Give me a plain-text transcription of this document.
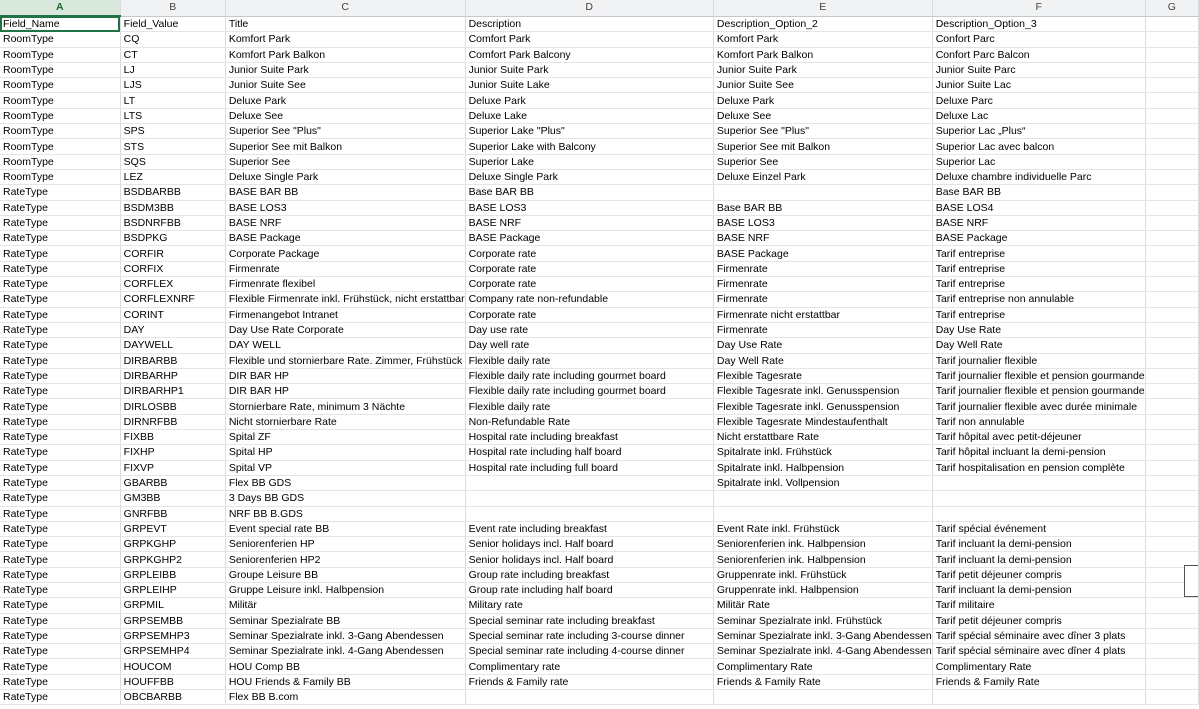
A	B	C	D	E	F	G
Field_Name	Field_Value	Title	Description	Description_Option_2	Description_Option_3	
RoomType	CQ	Komfort Park	Comfort Park	Komfort Park	Confort Parc	
RoomType	CT	Komfort Park Balkon	Comfort Park Balcony	Komfort Park Balkon	Confort Parc Balcon	
RoomType	LJ	Junior Suite Park	Junior Suite Park	Junior Suite Park	Junior Suite Parc	
RoomType	LJS	Junior Suite See	Junior Suite Lake	Junior Suite See	Junior Suite Lac	
RoomType	LT	Deluxe Park	Deluxe Park	Deluxe Park	Deluxe Parc	
RoomType	LTS	Deluxe See	Deluxe Lake	Deluxe See	Deluxe Lac	
RoomType	SPS	Superior See "Plus"	Superior Lake "Plus"	Superior See "Plus"	Superior Lac „Plus“	
RoomType	STS	Superior See mit Balkon	Superior Lake with Balcony	Superior See mit Balkon	Superior Lac avec balcon	
RoomType	SQS	Superior See	Superior Lake	Superior See	Superior Lac	
RoomType	LEZ	Deluxe Single Park	Deluxe Single Park	Deluxe Einzel Park	Deluxe chambre individuelle Parc	
RateType	BSDBARBB	BASE BAR BB	Base BAR BB		Base BAR BB	
RateType	BSDM3BB	BASE LOS3	BASE LOS3	Base BAR BB	BASE LOS4	
RateType	BSDNRFBB	BASE NRF	BASE NRF	BASE LOS3	BASE NRF	
RateType	BSDPKG	BASE Package	BASE Package	BASE NRF	BASE Package	
RateType	CORFIR	Corporate Package	Corporate rate	BASE Package	Tarif entreprise	
RateType	CORFIX	Firmenrate	Corporate rate	Firmenrate	Tarif entreprise	
RateType	CORFLEX	Firmenrate flexibel	Corporate rate	Firmenrate	Tarif entreprise	
RateType	CORFLEXNRF	Flexible Firmenrate inkl. Frühstück, nicht erstattbar	Company rate non-refundable	Firmenrate	Tarif entreprise non annulable	
RateType	CORINT	Firmenangebot Intranet	Corporate rate	Firmenrate nicht erstattbar	Tarif entreprise	
RateType	DAY	Day Use Rate Corporate	Day use rate	Firmenrate	Day Use Rate	
RateType	DAYWELL	DAY WELL	Day well rate	Day Use Rate	Day Well Rate	
RateType	DIRBARBB	Flexible und stornierbare Rate. Zimmer, Frühstück	Flexible daily rate	Day Well Rate	Tarif journalier flexible	
RateType	DIRBARHP	DIR BAR HP	Flexible daily rate including gourmet board	Flexible Tagesrate	Tarif journalier flexible et pension gourmande	
RateType	DIRBARHP1	DIR BAR HP	Flexible daily rate including gourmet board	Flexible Tagesrate inkl. Genusspension	Tarif journalier flexible et pension gourmande	
RateType	DIRLOSBB	Stornierbare Rate, minimum 3 Nächte	Flexible daily rate	Flexible Tagesrate inkl. Genusspension	Tarif journalier flexible avec durée minimale	
RateType	DIRNRFBB	Nicht stornierbare Rate	Non-Refundable Rate	Flexible Tagesrate Mindestaufenthalt	Tarif non annulable	
RateType	FIXBB	Spital ZF	Hospital rate including breakfast	Nicht erstattbare Rate	Tarif hôpital avec petit-déjeuner	
RateType	FIXHP	Spital HP	Hospital rate including half board	Spitalrate inkl. Frühstück	Tarif hôpital incluant la demi-pension	
RateType	FIXVP	Spital VP	Hospital rate including full board	Spitalrate inkl. Halbpension	Tarif hospitalisation en pension complète	
RateType	GBARBB	Flex BB GDS		Spitalrate inkl. Vollpension		
RateType	GM3BB	3 Days BB GDS				
RateType	GNRFBB	NRF BB B.GDS				
RateType	GRPEVT	Event special rate BB	Event rate including breakfast	Event Rate inkl. Frühstück	Tarif spécial événement	
RateType	GRPKGHP	Seniorenferien HP	Senior holidays incl. Half board	Seniorenferien ink. Halbpension	Tarif incluant la demi-pension	
RateType	GRPKGHP2	Seniorenferien HP2	Senior holidays incl. Half board	Seniorenferien ink. Halbpension	Tarif incluant la demi-pension	
RateType	GRPLEIBB	Groupe Leisure BB	Group rate including breakfast	Gruppenrate inkl. Frühstück	Tarif petit déjeuner compris	
RateType	GRPLEIHP	Gruppe Leisure inkl. Halbpension	Group rate including half board	Gruppenrate inkl. Halbpension	Tarif incluant la demi-pension	
RateType	GRPMIL	Militär	Military rate	Militär Rate	Tarif militaire	
RateType	GRPSEMBB	Seminar Spezialrate BB	Special seminar rate including breakfast	Seminar Spezialrate inkl. Frühstück	Tarif petit déjeuner compris	
RateType	GRPSEMHP3	Seminar Spezialrate inkl. 3-Gang Abendessen	Special seminar rate including 3-course dinner	Seminar Spezialrate inkl. 3-Gang Abendessen	Tarif spécial séminaire avec dîner 3 plats	
RateType	GRPSEMHP4	Seminar Spezialrate inkl. 4-Gang Abendessen	Special seminar rate including 4-course dinner	Seminar Spezialrate inkl. 4-Gang Abendessen	Tarif spécial séminaire avec dîner 4 plats	
RateType	HOUCOM	HOU Comp BB	Complimentary rate	Complimentary Rate	Complimentary Rate	
RateType	HOUFFBB	HOU Friends & Family BB	Friends & Family rate	Friends & Family Rate	Friends & Family Rate	
RateType	OBCBARBB	Flex BB B.com				
